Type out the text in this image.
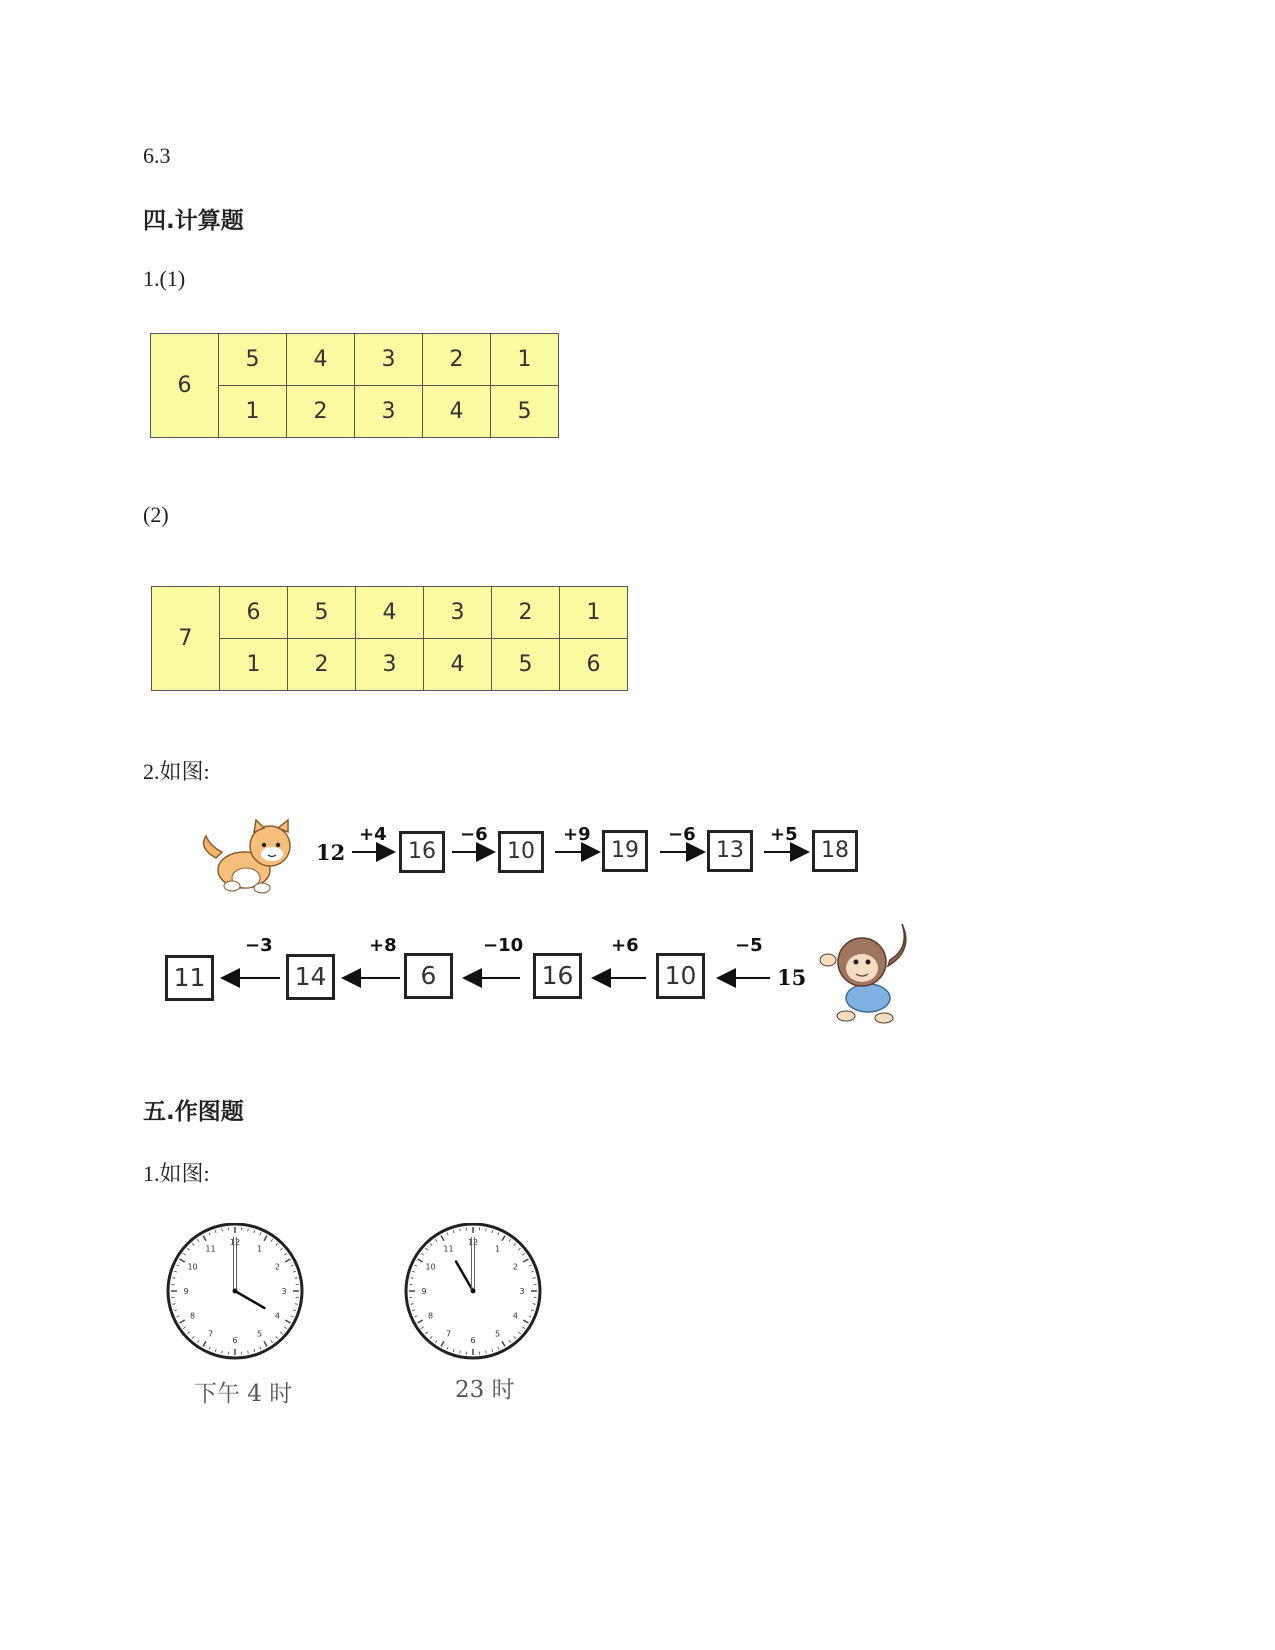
6.3
四.计算题
1.(1)
6	5	4	3	2	1
	1	2	3	4	5
(2)
7	6	5	4	3	2	1
	1	2	3	4	5	6
2.如图:
12
+4	−6	+9	−6	+5
16	10	19	13	18
15
−5
+6
−10
+8
−3
10
16
6
14
11
五.作图题
1.如图:
1
2
3
4
5
6
7
8
9
10
11
12
1
2
3
4
5
6
7
8
9
10
11
12
下午 4 时	23 时
